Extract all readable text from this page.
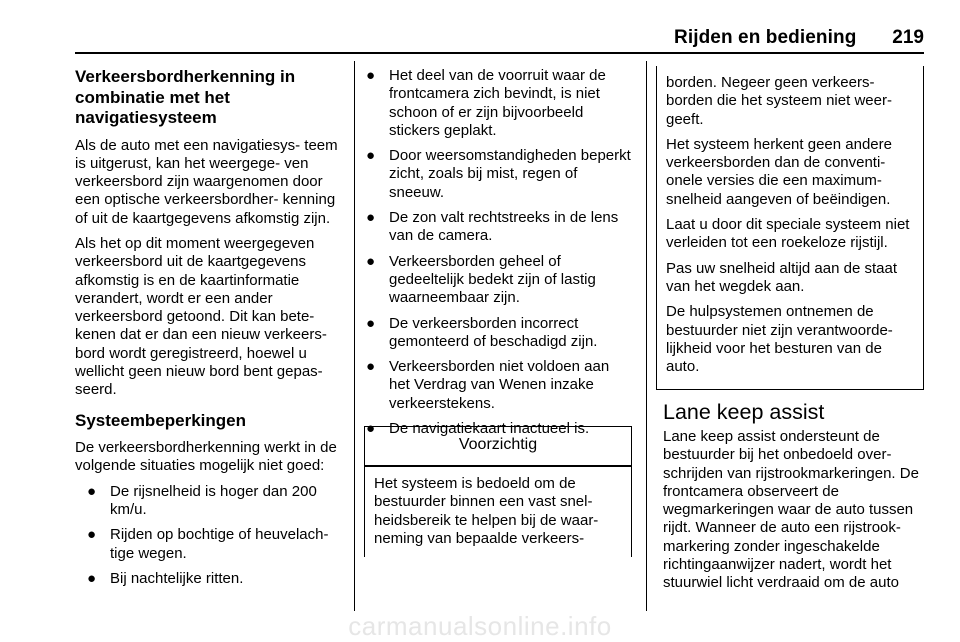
Rijden en bediening 219
Verkeersbordherkenning in combinatie met het navigatiesysteem

Als de auto met een navigatiesys- teem is uitgerust, kan het weergege- ven verkeersbord zijn waargenomen door een optische verkeersbordher- kenning of uit de kaartgegevens afkomstig zijn.

Als het op dit moment weergegeven verkeersbord uit de kaartgegevens afkomstig is en de kaartinformatie verandert, wordt er een ander verkeersbord getoond. Dit kan bete- kenen dat er dan een nieuw verkeers- bord wordt geregistreerd, hoewel u wellicht geen nieuw bord bent gepas- seerd.

Systeembeperkingen

De verkeersbordherkenning werkt in de volgende situaties mogelijk niet goed:

● De rijsnelheid is hoger dan 200 km/u.
● Rijden op bochtige of heuvelach- tige wegen.
● Bij nachtelijke ritten.
● Het deel van de voorruit waar de frontcamera zich bevindt, is niet schoon of er zijn bijvoorbeeld stickers geplakt.
● Door weersomstandigheden beperkt zicht, zoals bij mist, regen of sneeuw.
● De zon valt rechtstreeks in de lens van de camera.
● Verkeersborden geheel of gedeeltelijk bedekt zijn of lastig waarneembaar zijn.
● De verkeersborden incorrect gemonteerd of beschadigd zijn.
● Verkeersborden niet voldoen aan het Verdrag van Wenen inzake verkeerstekens.
● De navigatiekaart inactueel is.
Voorzichtig
Het systeem is bedoeld om de bestuurder binnen een vast snel- heidsbereik te helpen bij de waar- neming van bepaalde verkeers-

borden. Negeer geen verkeers- borden die het systeem niet weer- geeft.

Het systeem herkent geen andere verkeersborden dan de conventi- onele versies die een maximum- snelheid aangeven of beëindigen.

Laat u door dit speciale systeem niet verleiden tot een roekeloze rijstijl.

Pas uw snelheid altijd aan de staat van het wegdek aan.

De hulpsystemen ontnemen de bestuurder niet zijn verantwoorde- lijkheid voor het besturen van de auto.

Lane keep assist

Lane keep assist ondersteunt de bestuurder bij het onbedoeld over- schrijden van rijstrookmarkeringen. De frontcamera observeert de wegmarkeringen waar de auto tussen rijdt. Wanneer de auto een rijstrook- markering zonder ingeschakelde richtingaanwijzer nadert, wordt het stuurwiel licht verdraaid om de auto

carmanualsonline.info
